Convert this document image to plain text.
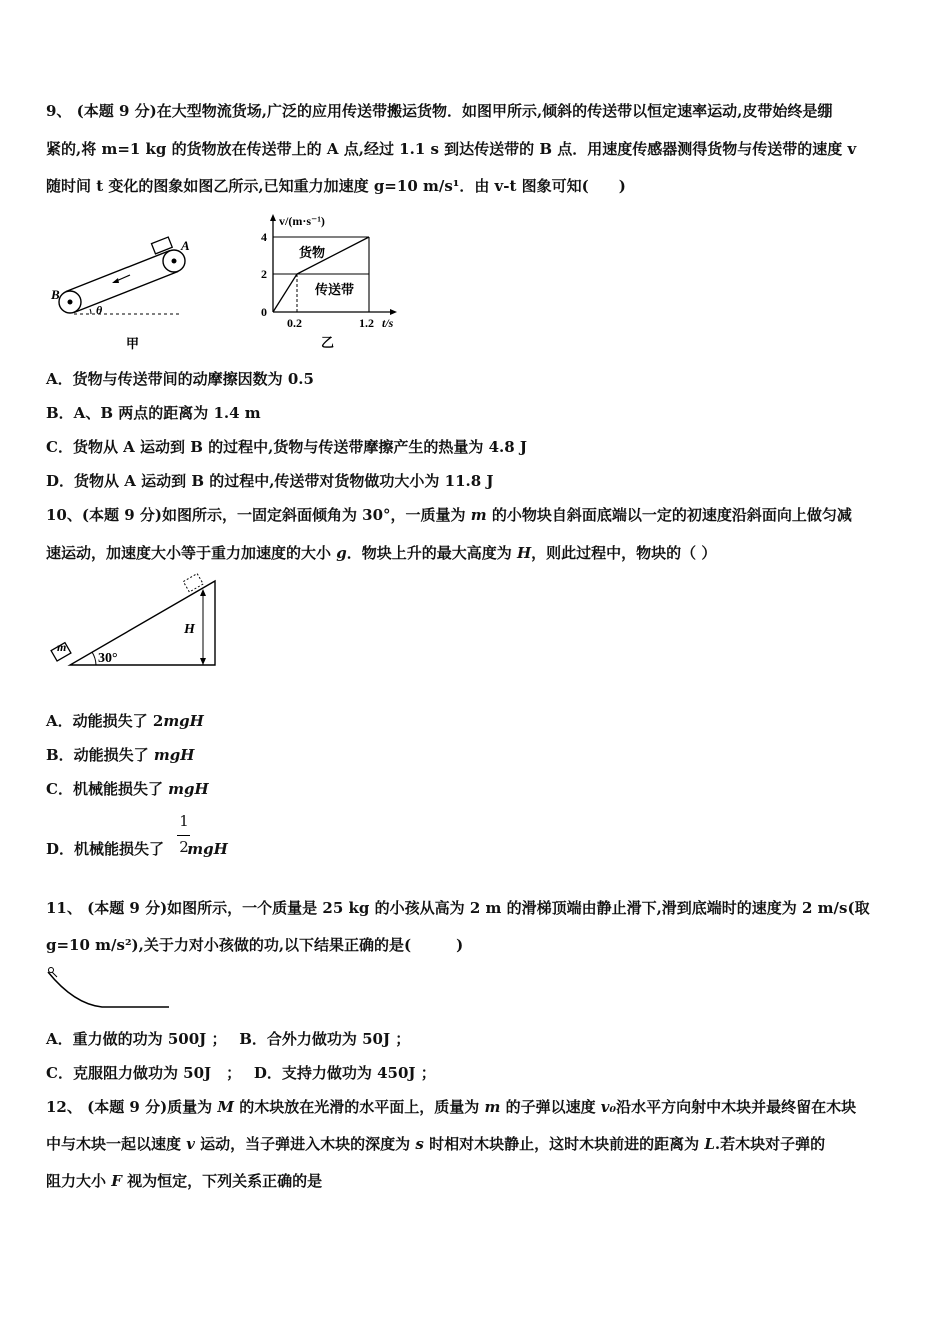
9、 (本题 9 分)在大型物流货场,广泛的应用传送带搬运货物．如图甲所示,倾斜的传送带以恒定速率运动,皮带始终是绷
紧的,将 m=1 kg 的货物放在传送带上的 A 点,经过 1.1 s 到达传送带的 B 点．用速度传感器测得货物与传送带的速度 v
随时间 t 变化的图象如图乙所示,已知重力加速度 g=10 m/s¹．由 v-t 图象可知(　　)
A
B
θ
甲
v/(m·s⁻¹)
4
2
0
0.2	1.2 t/s
货物
传送带
乙
A．货物与传送带间的动摩擦因数为 0.5
B．A、B 两点的距离为 1.4 m
C．货物从 A 运动到 B 的过程中,货物与传送带摩擦产生的热量为 4.8 J
D．货物从 A 运动到 B 的过程中,传送带对货物做功大小为 11.8 J
10、(本题 9 分)如图所示，一固定斜面倾角为 30°，一质量为 m 的小物块自斜面底端以一定的初速度沿斜面向上做匀减
速运动，加速度大小等于重力加速度的大小 g．物块上升的最大高度为 H，则此过程中，物块的（ ）
m
30°
H
A．动能损失了 2mgH
B．动能损失了 mgH
C．机械能损失了 mgH
D．机械能损失了 mgH
1
2
11、 (本题 9 分)如图所示，一个质量是 25 kg 的小孩从高为 2 m 的滑梯顶端由静止滑下,滑到底端时的速度为 2 m/s(取
g=10 m/s²),关于力对小孩做的功,以下结果正确的是(　　　)
A．重力做的功为 500J ；　 B．合外力做功为 50J ；
C．克服阻力做功为 50J　；　 D．支持力做功为 450J ；
12、 (本题 9 分)质量为 M 的木块放在光滑的水平面上，质量为 m 的子弹以速度 v₀沿水平方向射中木块并最终留在木块
中与木块一起以速度 v 运动，当子弹进入木块的深度为 s 时相对木块静止，这时木块前进的距离为 L.若木块对子弹的
阻力大小 F 视为恒定，下列关系正确的是
